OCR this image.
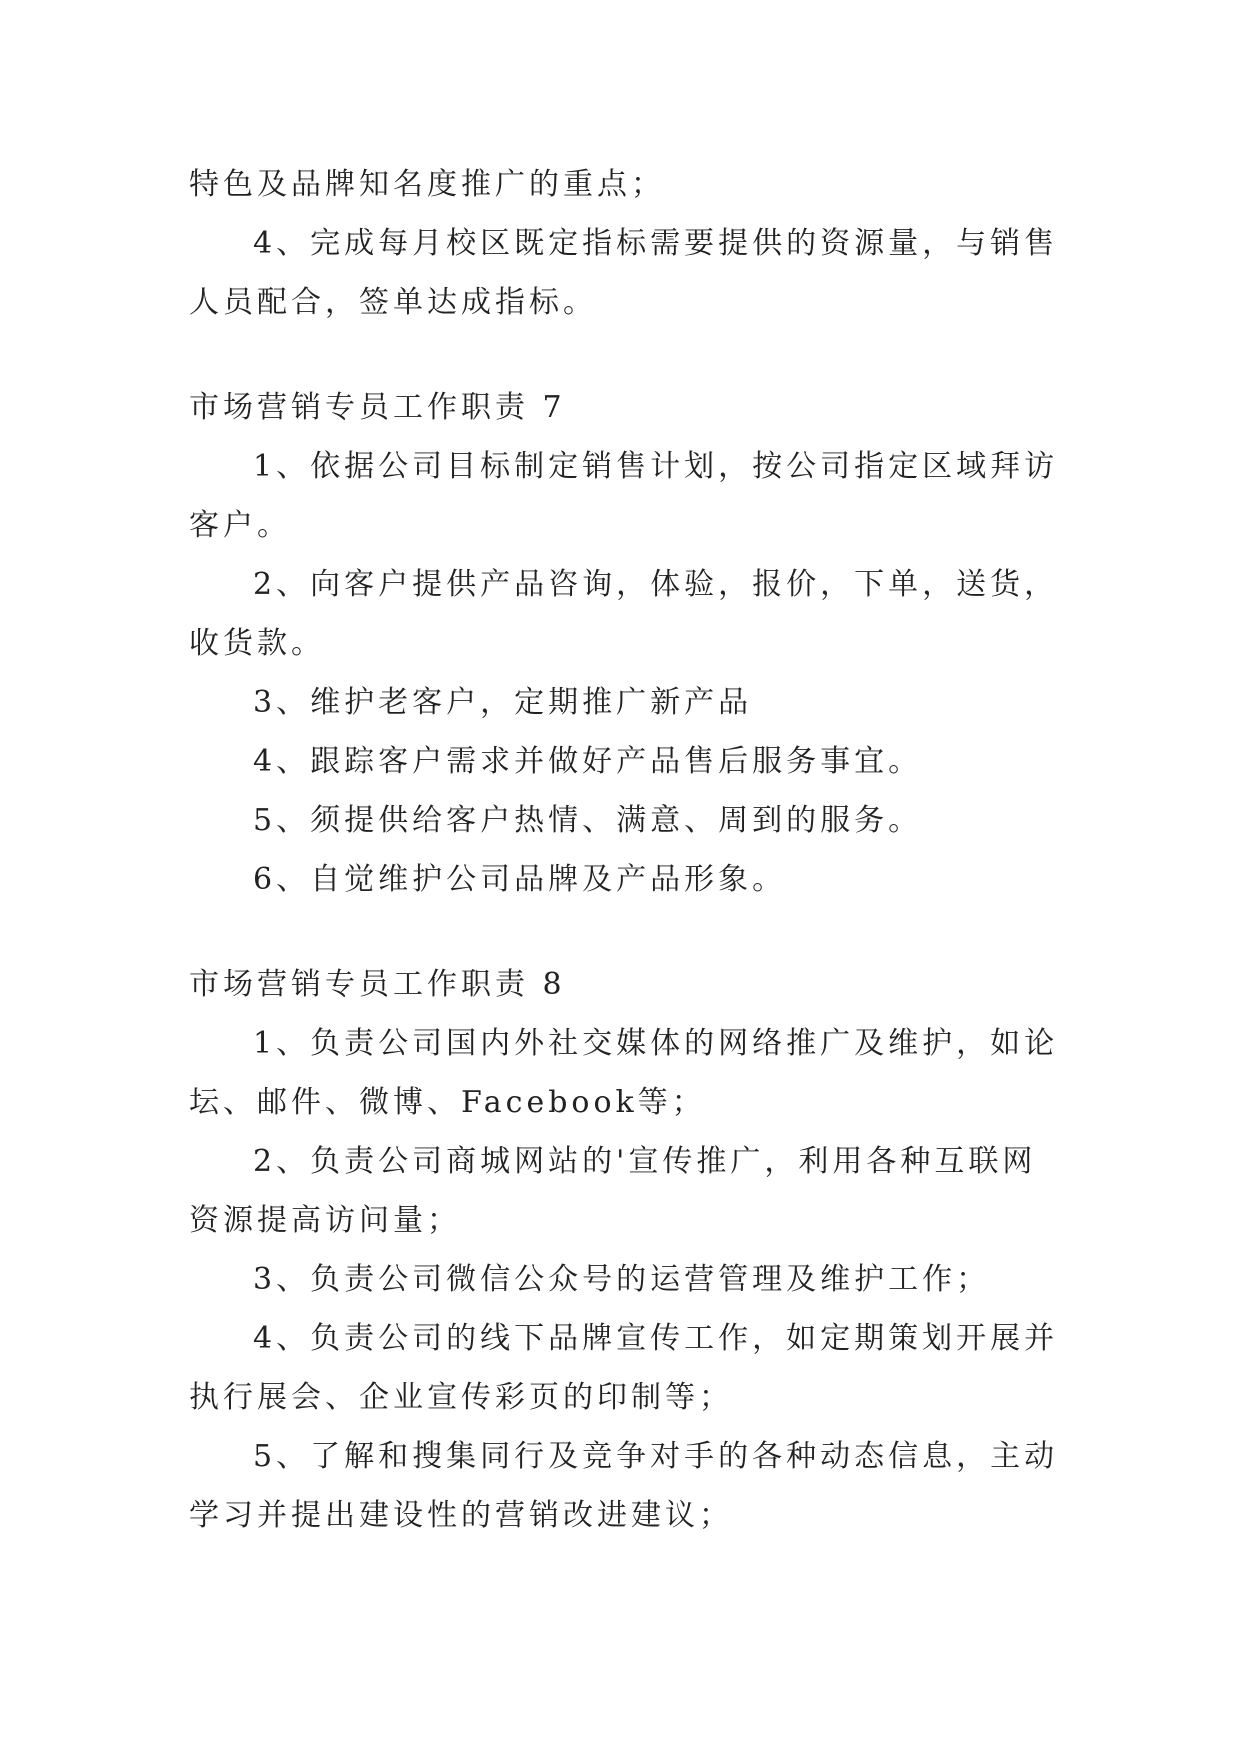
特色及品牌知名度推广的重点；

4、完成每月校区既定指标需要提供的资源量，与销售人员配合，签单达成指标。

市场营销专员工作职责 7

1、依据公司目标制定销售计划，按公司指定区域拜访客户。

2、向客户提供产品咨询，体验，报价，下单，送货，收货款。

3、维护老客户，定期推广新产品

4、跟踪客户需求并做好产品售后服务事宜。

5、须提供给客户热情、满意、周到的服务。

6、自觉维护公司品牌及产品形象。

市场营销专员工作职责 8

1、负责公司国内外社交媒体的网络推广及维护，如论坛、邮件、微博、Facebook等；

2、负责公司商城网站的'宣传推广，利用各种互联网资源提高访问量；

3、负责公司微信公众号的运营管理及维护工作；

4、负责公司的线下品牌宣传工作，如定期策划开展并执行展会、企业宣传彩页的印制等；

5、了解和搜集同行及竞争对手的各种动态信息，主动学习并提出建设性的营销改进建议；
